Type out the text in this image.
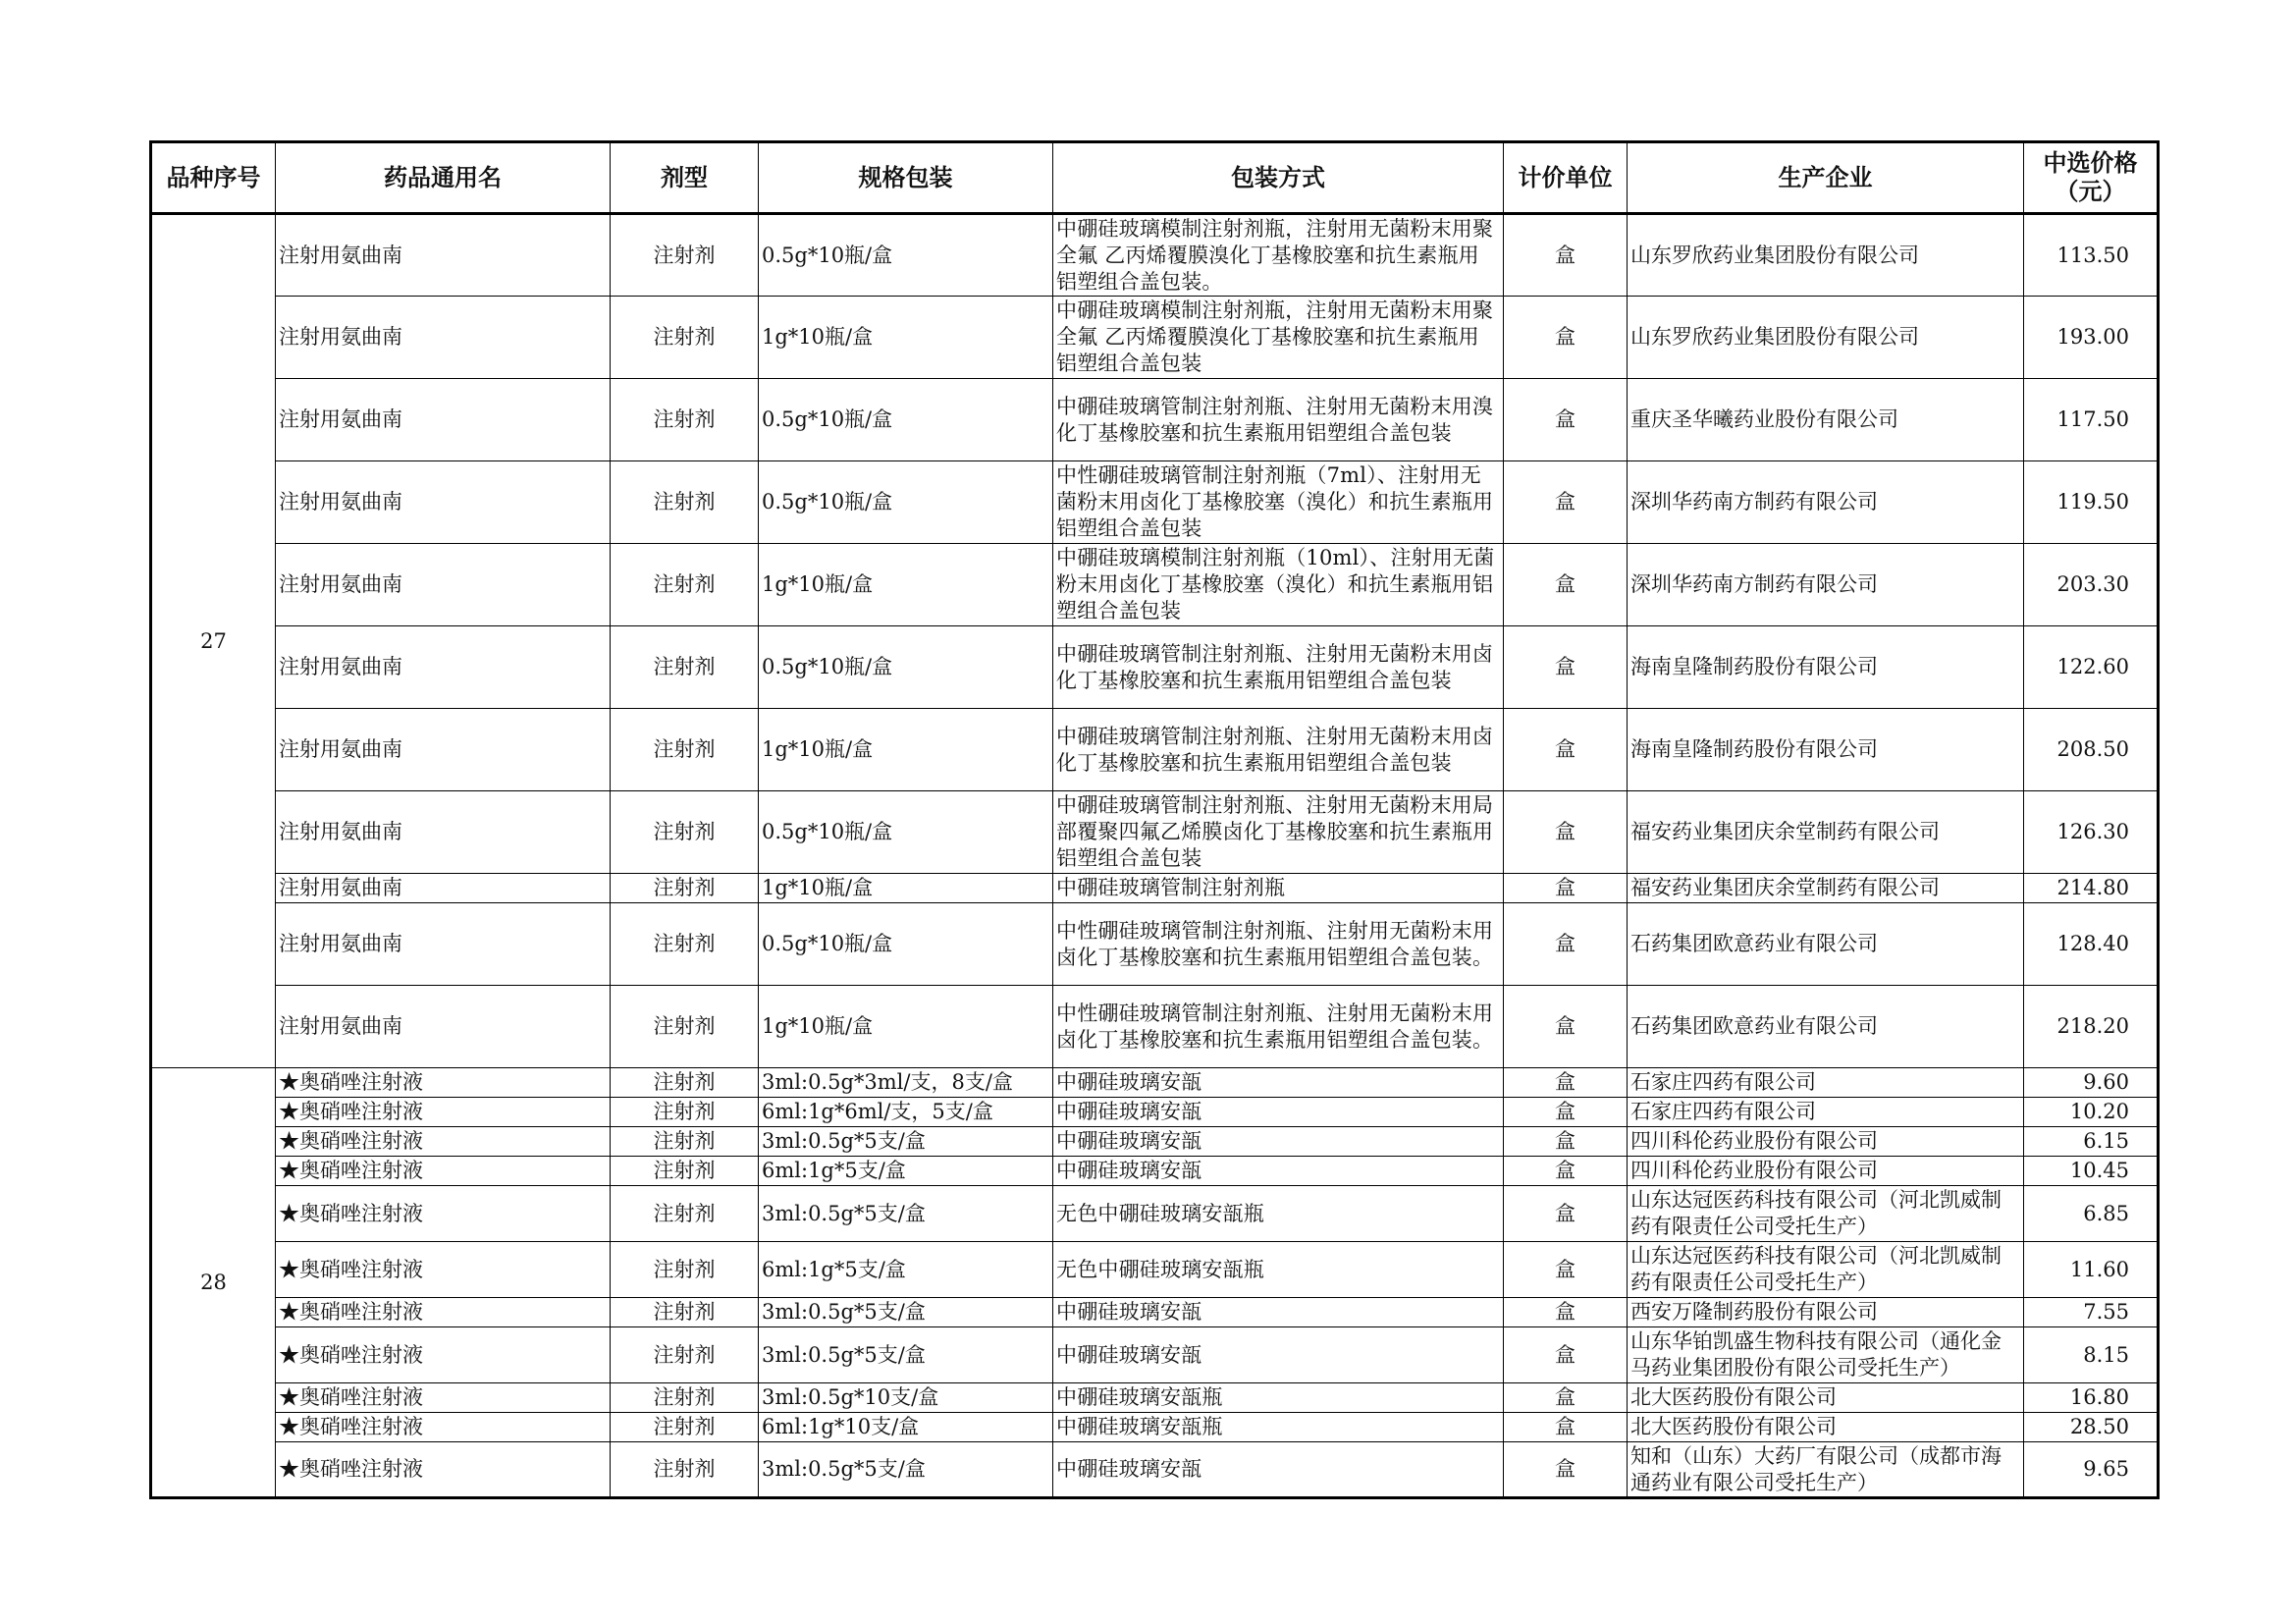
品种序号	药品通用名	剂型	规格包装	包装方式	计价单位	生产企业	中选价格
（元）
27	注射用氨曲南	注射剂	0.5g*10瓶/盒	中硼硅玻璃模制注射剂瓶，注射用无菌粉末用聚全氟 乙丙烯覆膜溴化丁基橡胶塞和抗生素瓶用铝塑组合盖包装。	盒	山东罗欣药业集团股份有限公司	113.50
	注射用氨曲南	注射剂	1g*10瓶/盒	中硼硅玻璃模制注射剂瓶，注射用无菌粉末用聚全氟 乙丙烯覆膜溴化丁基橡胶塞和抗生素瓶用铝塑组合盖包装	盒	山东罗欣药业集团股份有限公司	193.00
	注射用氨曲南	注射剂	0.5g*10瓶/盒	中硼硅玻璃管制注射剂瓶、注射用无菌粉末用溴化丁基橡胶塞和抗生素瓶用铝塑组合盖包装	盒	重庆圣华曦药业股份有限公司	117.50
	注射用氨曲南	注射剂	0.5g*10瓶/盒	中性硼硅玻璃管制注射剂瓶（7ml）、注射用无菌粉末用卤化丁基橡胶塞（溴化）和抗生素瓶用铝塑组合盖包装	盒	深圳华药南方制药有限公司	119.50
	注射用氨曲南	注射剂	1g*10瓶/盒	中硼硅玻璃模制注射剂瓶（10ml）、注射用无菌粉末用卤化丁基橡胶塞（溴化）和抗生素瓶用铝塑组合盖包装	盒	深圳华药南方制药有限公司	203.30
	注射用氨曲南	注射剂	0.5g*10瓶/盒	中硼硅玻璃管制注射剂瓶、注射用无菌粉末用卤化丁基橡胶塞和抗生素瓶用铝塑组合盖包装	盒	海南皇隆制药股份有限公司	122.60
	注射用氨曲南	注射剂	1g*10瓶/盒	中硼硅玻璃管制注射剂瓶、注射用无菌粉末用卤化丁基橡胶塞和抗生素瓶用铝塑组合盖包装	盒	海南皇隆制药股份有限公司	208.50
	注射用氨曲南	注射剂	0.5g*10瓶/盒	中硼硅玻璃管制注射剂瓶、注射用无菌粉末用局部覆聚四氟乙烯膜卤化丁基橡胶塞和抗生素瓶用铝塑组合盖包装	盒	福安药业集团庆余堂制药有限公司	126.30
	注射用氨曲南	注射剂	1g*10瓶/盒	中硼硅玻璃管制注射剂瓶	盒	福安药业集团庆余堂制药有限公司	214.80
	注射用氨曲南	注射剂	0.5g*10瓶/盒	中性硼硅玻璃管制注射剂瓶、注射用无菌粉末用卤化丁基橡胶塞和抗生素瓶用铝塑组合盖包装。	盒	石药集团欧意药业有限公司	128.40
	注射用氨曲南	注射剂	1g*10瓶/盒	中性硼硅玻璃管制注射剂瓶、注射用无菌粉末用卤化丁基橡胶塞和抗生素瓶用铝塑组合盖包装。	盒	石药集团欧意药业有限公司	218.20
28	★奥硝唑注射液	注射剂	3ml:0.5g*3ml/支，8支/盒	中硼硅玻璃安瓿	盒	石家庄四药有限公司	9.60
	★奥硝唑注射液	注射剂	6ml:1g*6ml/支，5支/盒	中硼硅玻璃安瓿	盒	石家庄四药有限公司	10.20
	★奥硝唑注射液	注射剂	3ml:0.5g*5支/盒	中硼硅玻璃安瓿	盒	四川科伦药业股份有限公司	6.15
	★奥硝唑注射液	注射剂	6ml:1g*5支/盒	中硼硅玻璃安瓿	盒	四川科伦药业股份有限公司	10.45
	★奥硝唑注射液	注射剂	3ml:0.5g*5支/盒	无色中硼硅玻璃安瓿瓶	盒	山东达冠医药科技有限公司（河北凯威制药有限责任公司受托生产）	6.85
	★奥硝唑注射液	注射剂	6ml:1g*5支/盒	无色中硼硅玻璃安瓿瓶	盒	山东达冠医药科技有限公司（河北凯威制药有限责任公司受托生产）	11.60
	★奥硝唑注射液	注射剂	3ml:0.5g*5支/盒	中硼硅玻璃安瓿	盒	西安万隆制药股份有限公司	7.55
	★奥硝唑注射液	注射剂	3ml:0.5g*5支/盒	中硼硅玻璃安瓿	盒	山东华铂凯盛生物科技有限公司（通化金马药业集团股份有限公司受托生产）	8.15
	★奥硝唑注射液	注射剂	3ml:0.5g*10支/盒	中硼硅玻璃安瓿瓶	盒	北大医药股份有限公司	16.80
	★奥硝唑注射液	注射剂	6ml:1g*10支/盒	中硼硅玻璃安瓿瓶	盒	北大医药股份有限公司	28.50
	★奥硝唑注射液	注射剂	3ml:0.5g*5支/盒	中硼硅玻璃安瓿	盒	知和（山东）大药厂有限公司（成都市海通药业有限公司受托生产）	9.65
